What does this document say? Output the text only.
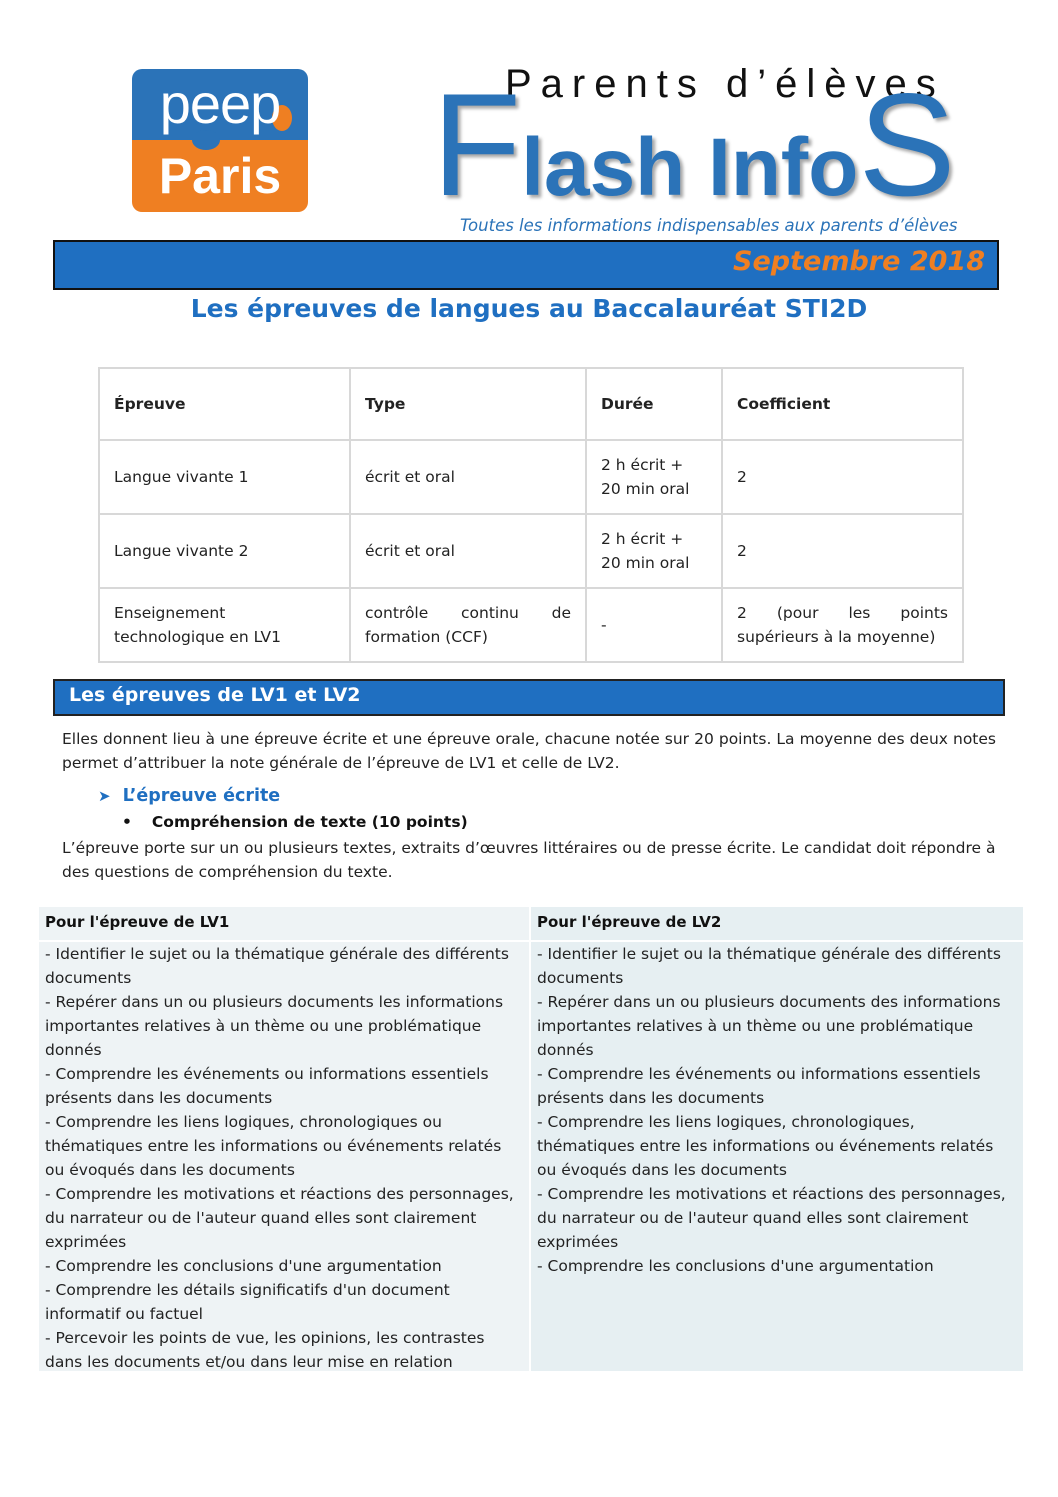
peep
Paris
Parents d’élèves
Flash InfoS
Toutes les informations indispensables aux parents d’élèves
Septembre 2018
Les épreuves de langues au Baccalauréat STI2D
Épreuve	Type	Durée	Coefficient
Langue vivante 1	écrit et oral	2 h écrit + 20 min oral	2
Langue vivante 2	écrit et oral	2 h écrit + 20 min oral	2
Enseignement technologique en LV1	contrôle continu de formation (CCF)	-	2 (pour les points supérieurs à la moyenne)
Les épreuves de LV1 et LV2
Elles donnent lieu à une épreuve écrite et une épreuve orale, chacune notée sur 20 points. La moyenne des deux notes permet d’attribuer la note générale de l’épreuve de LV1 et celle de LV2.
➤ L’épreuve écrite
• Compréhension de texte (10 points)
L’épreuve porte sur un ou plusieurs textes, extraits d’œuvres littéraires ou de presse écrite. Le candidat doit répondre à des questions de compréhension du texte.
Pour l'épreuve de LV1
- Identifier le sujet ou la thématique générale des différents documents
- Repérer dans un ou plusieurs documents les informations importantes relatives à un thème ou une problématique donnés
- Comprendre les événements ou informations essentiels présents dans les documents
- Comprendre les liens logiques, chronologiques ou thématiques entre les informations ou événements relatés ou évoqués dans les documents
- Comprendre les motivations et réactions des personnages, du narrateur ou de l'auteur quand elles sont clairement exprimées
- Comprendre les conclusions d'une argumentation
- Comprendre les détails significatifs d'un document informatif ou factuel
- Percevoir les points de vue, les opinions, les contrastes dans les documents et/ou dans leur mise en relation
Pour l'épreuve de LV2
- Identifier le sujet ou la thématique générale des différents documents
- Repérer dans un ou plusieurs documents des informations importantes relatives à un thème ou une problématique donnés
- Comprendre les événements ou informations essentiels présents dans les documents
- Comprendre les liens logiques, chronologiques, thématiques entre les informations ou événements relatés ou évoqués dans les documents
- Comprendre les motivations et réactions des personnages, du narrateur ou de l'auteur quand elles sont clairement exprimées
- Comprendre les conclusions d'une argumentation
